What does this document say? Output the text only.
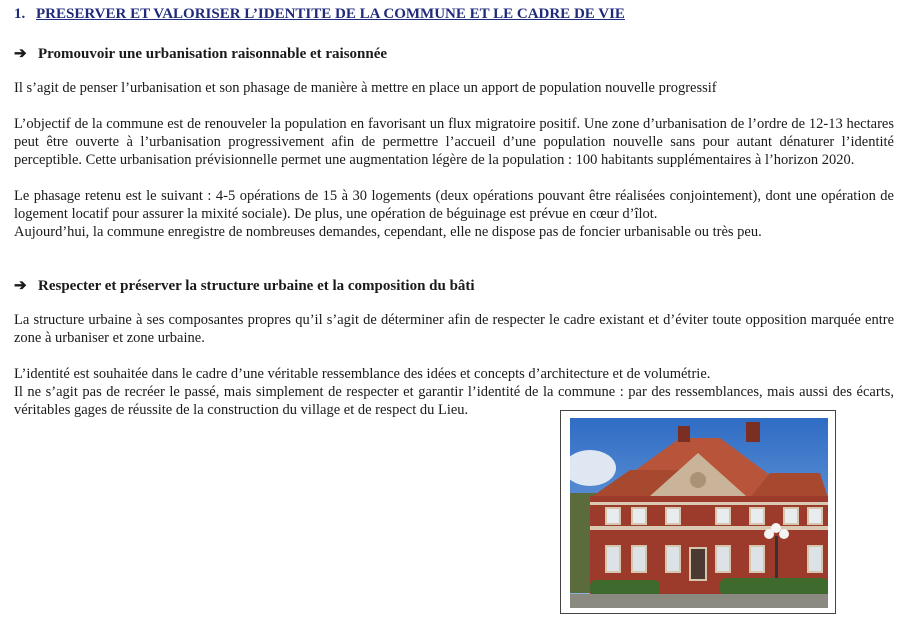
1. PRESERVER ET VALORISER L’IDENTITE DE LA COMMUNE ET LE CADRE DE VIE
➔ Promouvoir une urbanisation raisonnable et raisonnée

Il s’agit de penser l’urbanisation et son phasage de manière à mettre en place un apport de population nouvelle progressif

L’objectif de la commune est de renouveler la population en favorisant un flux migratoire positif. Une zone d’urbanisation de l’ordre de 12-13 hectares peut être ouverte à l’urbanisation progressivement afin de permettre l’accueil d’une population nouvelle sans pour autant dénaturer l’identité perceptible. Cette urbanisation prévisionnelle permet une augmentation légère de la population : 100 habitants supplémentaires à l’horizon 2020.

Le phasage retenu est le suivant : 4-5 opérations de 15 à 30 logements (deux opérations pouvant être réalisées conjointement), dont une opération de logement locatif pour assurer la mixité sociale). De plus, une opération de béguinage est prévue en cœur d’îlot.

Aujourd’hui, la commune enregistre de nombreuses demandes, cependant, elle ne dispose pas de foncier urbanisable ou très peu.

➔ Respecter et préserver la structure urbaine et la composition du bâti

La structure urbaine à ses composantes propres qu’il s’agit de déterminer afin de respecter le cadre existant et d’éviter toute opposition marquée entre zone à urbaniser et zone urbaine.

L’identité est souhaitée dans le cadre d’une véritable ressemblance des idées et concepts d’architecture et de volumétrie.

Il ne s’agit pas de recréer le passé, mais simplement de respecter et garantir l’identité de la commune : par des ressemblances, mais aussi des écarts, véritables gages de réussite de la construction du village et de respect du Lieu.
